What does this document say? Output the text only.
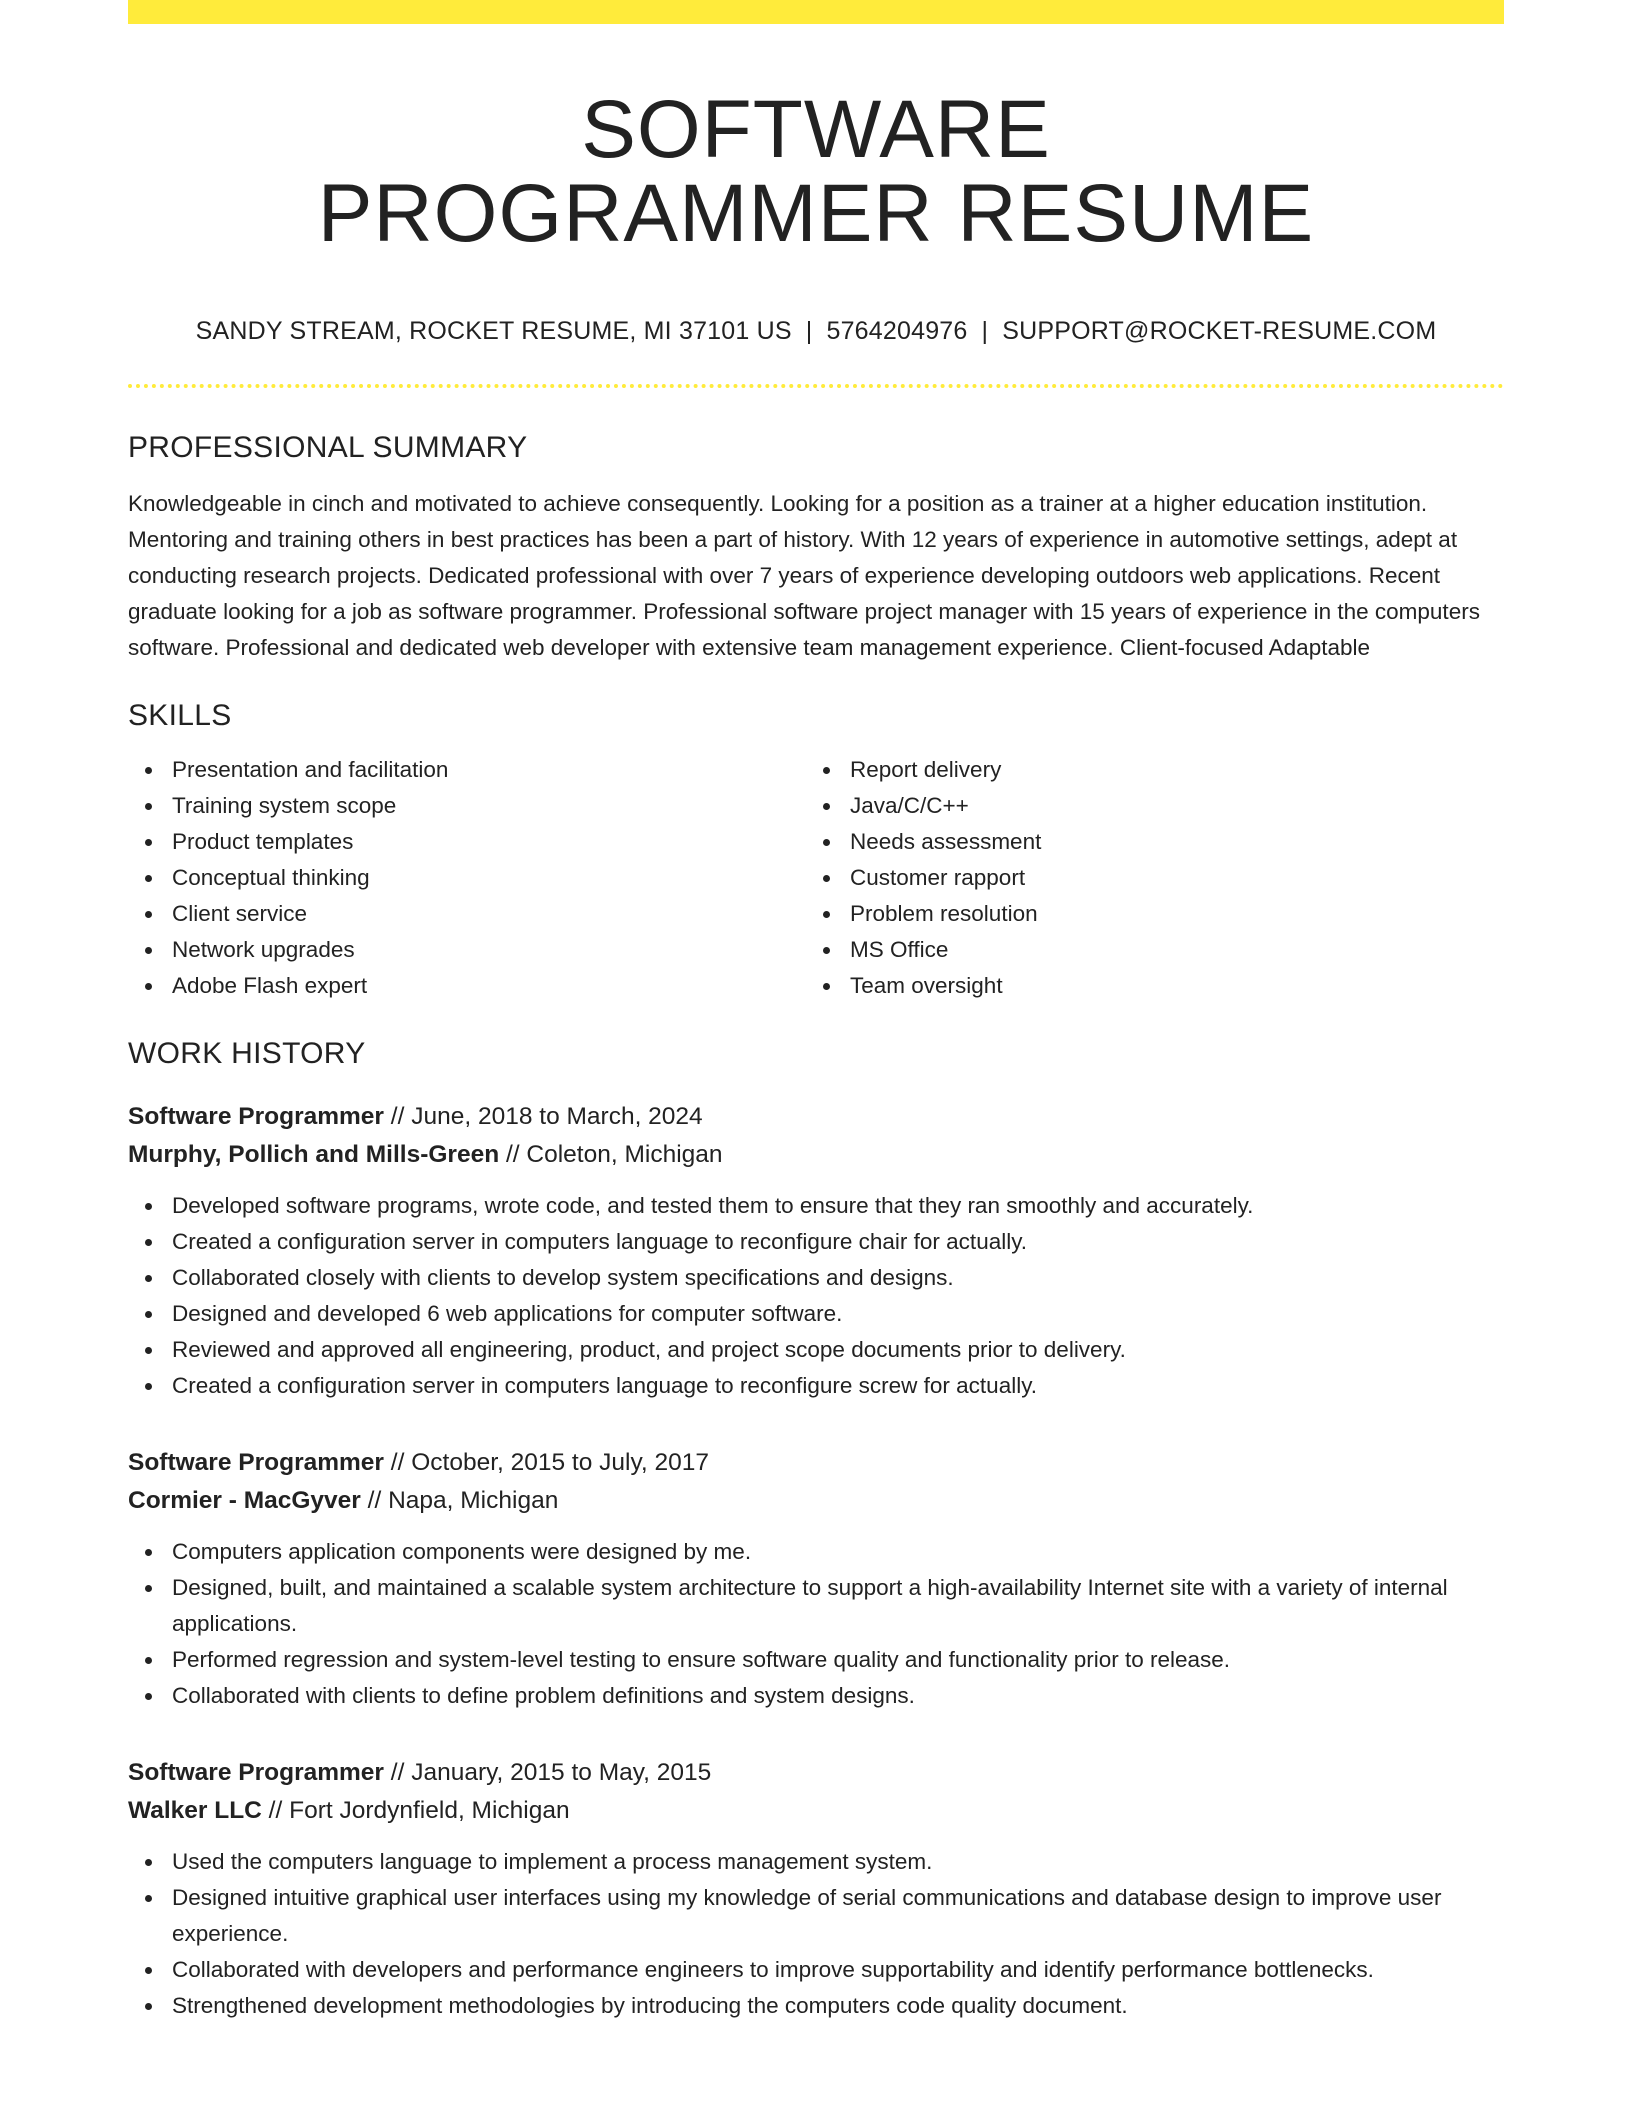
SOFTWARE
PROGRAMMER RESUME
SANDY STREAM, ROCKET RESUME, MI 37101 US | 5764204976 | SUPPORT@ROCKET-RESUME.COM
PROFESSIONAL SUMMARY

Knowledgeable in cinch and motivated to achieve consequently. Looking for a position as a trainer at a higher education institution. Mentoring and training others in best practices has been a part of history. With 12 years of experience in automotive settings, adept at conducting research projects. Dedicated professional with over 7 years of experience developing outdoors web applications. Recent graduate looking for a job as software programmer. Professional software project manager with 15 years of experience in the computers software. Professional and dedicated web developer with extensive team management experience. Client-focused Adaptable

SKILLS
Presentation and facilitation
Training system scope
Product templates
Conceptual thinking
Client service
Network upgrades
Adobe Flash expert
Report delivery
Java/C/C++
Needs assessment
Customer rapport
Problem resolution
MS Office
Team oversight
WORK HISTORY
Software Programmer // June, 2018 to March, 2024
Murphy, Pollich and Mills-Green // Coleton, Michigan
Developed software programs, wrote code, and tested them to ensure that they ran smoothly and accurately.
Created a configuration server in computers language to reconfigure chair for actually.
Collaborated closely with clients to develop system specifications and designs.
Designed and developed 6 web applications for computer software.
Reviewed and approved all engineering, product, and project scope documents prior to delivery.
Created a configuration server in computers language to reconfigure screw for actually.
Software Programmer // October, 2015 to July, 2017
Cormier - MacGyver // Napa, Michigan
Computers application components were designed by me.
Designed, built, and maintained a scalable system architecture to support a high-availability Internet site with a variety of internal applications.
Performed regression and system-level testing to ensure software quality and functionality prior to release.
Collaborated with clients to define problem definitions and system designs.
Software Programmer // January, 2015 to May, 2015
Walker LLC // Fort Jordynfield, Michigan
Used the computers language to implement a process management system.
Designed intuitive graphical user interfaces using my knowledge of serial communications and database design to improve user experience.
Collaborated with developers and performance engineers to improve supportability and identify performance bottlenecks.
Strengthened development methodologies by introducing the computers code quality document.
